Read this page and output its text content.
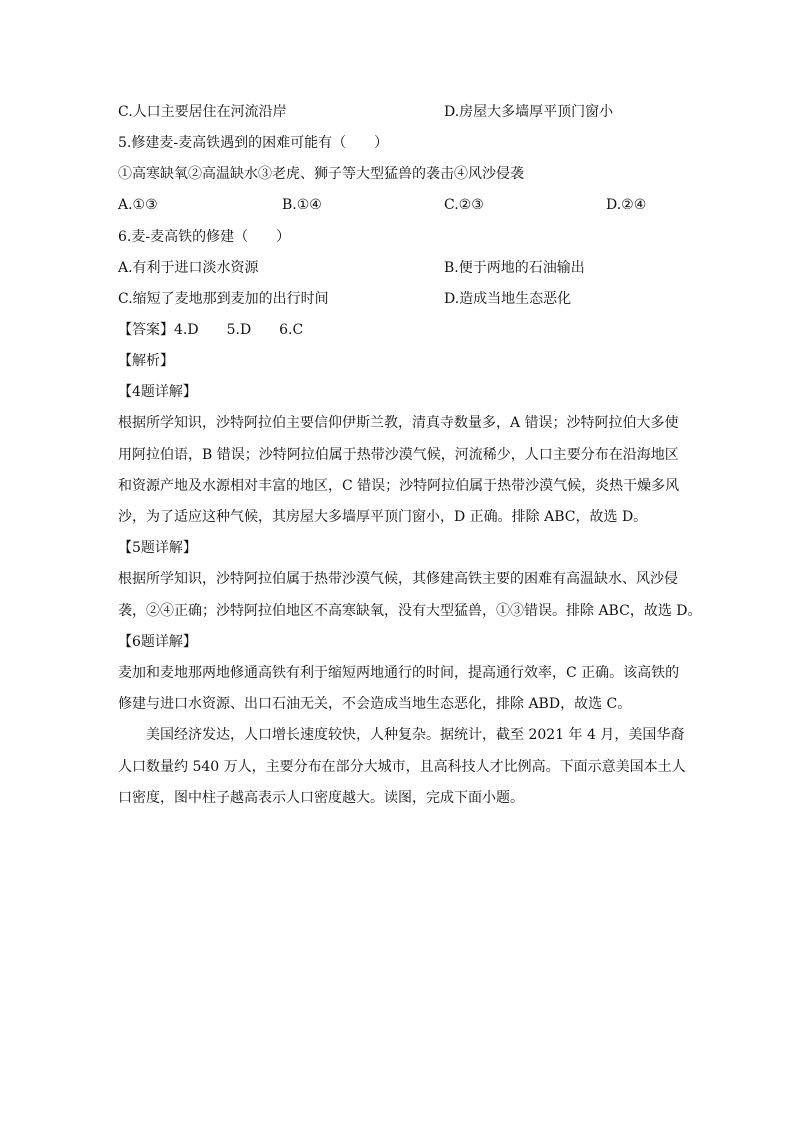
C.人口主要居住在河流沿岸	D.房屋大多墙厚平顶门窗小
5.修建麦-麦高铁遇到的困难可能有（　　）
①高寒缺氧②高温缺水③老虎、狮子等大型猛兽的袭击④风沙侵袭
A.①③	B.①④	C.②③	D.②④
6.麦-麦高铁的修建（　　）
A.有利于进口淡水资源	B.便于两地的石油输出
C.缩短了麦地那到麦加的出行时间	D.造成当地生态恶化
【答案】4.D　　5.D　　6.C
【解析】
【4题详解】
根据所学知识，沙特阿拉伯主要信仰伊斯兰教，清真寺数量多，A 错误；沙特阿拉伯大多使
用阿拉伯语，B 错误；沙特阿拉伯属于热带沙漠气候，河流稀少，人口主要分布在沿海地区
和资源产地及水源相对丰富的地区，C 错误；沙特阿拉伯属于热带沙漠气候，炎热干燥多风
沙，为了适应这种气候，其房屋大多墙厚平顶门窗小，D 正确。排除 ABC，故选 D。
【5题详解】
根据所学知识，沙特阿拉伯属于热带沙漠气候，其修建高铁主要的困难有高温缺水、风沙侵
袭，②④正确；沙特阿拉伯地区不高寒缺氧，没有大型猛兽，①③错误。排除 ABC，故选 D。
【6题详解】
麦加和麦地那两地修通高铁有利于缩短两地通行的时间，提高通行效率，C 正确。该高铁的
修建与进口水资源、出口石油无关，不会造成当地生态恶化，排除 ABD，故选 C。
美国经济发达，人口增长速度较快，人种复杂。据统计，截至 2021 年 4 月，美国华裔
人口数量约 540 万人，主要分布在部分大城市，且高科技人才比例高。下面示意美国本土人
口密度，图中柱子越高表示人口密度越大。读图，完成下面小题。
